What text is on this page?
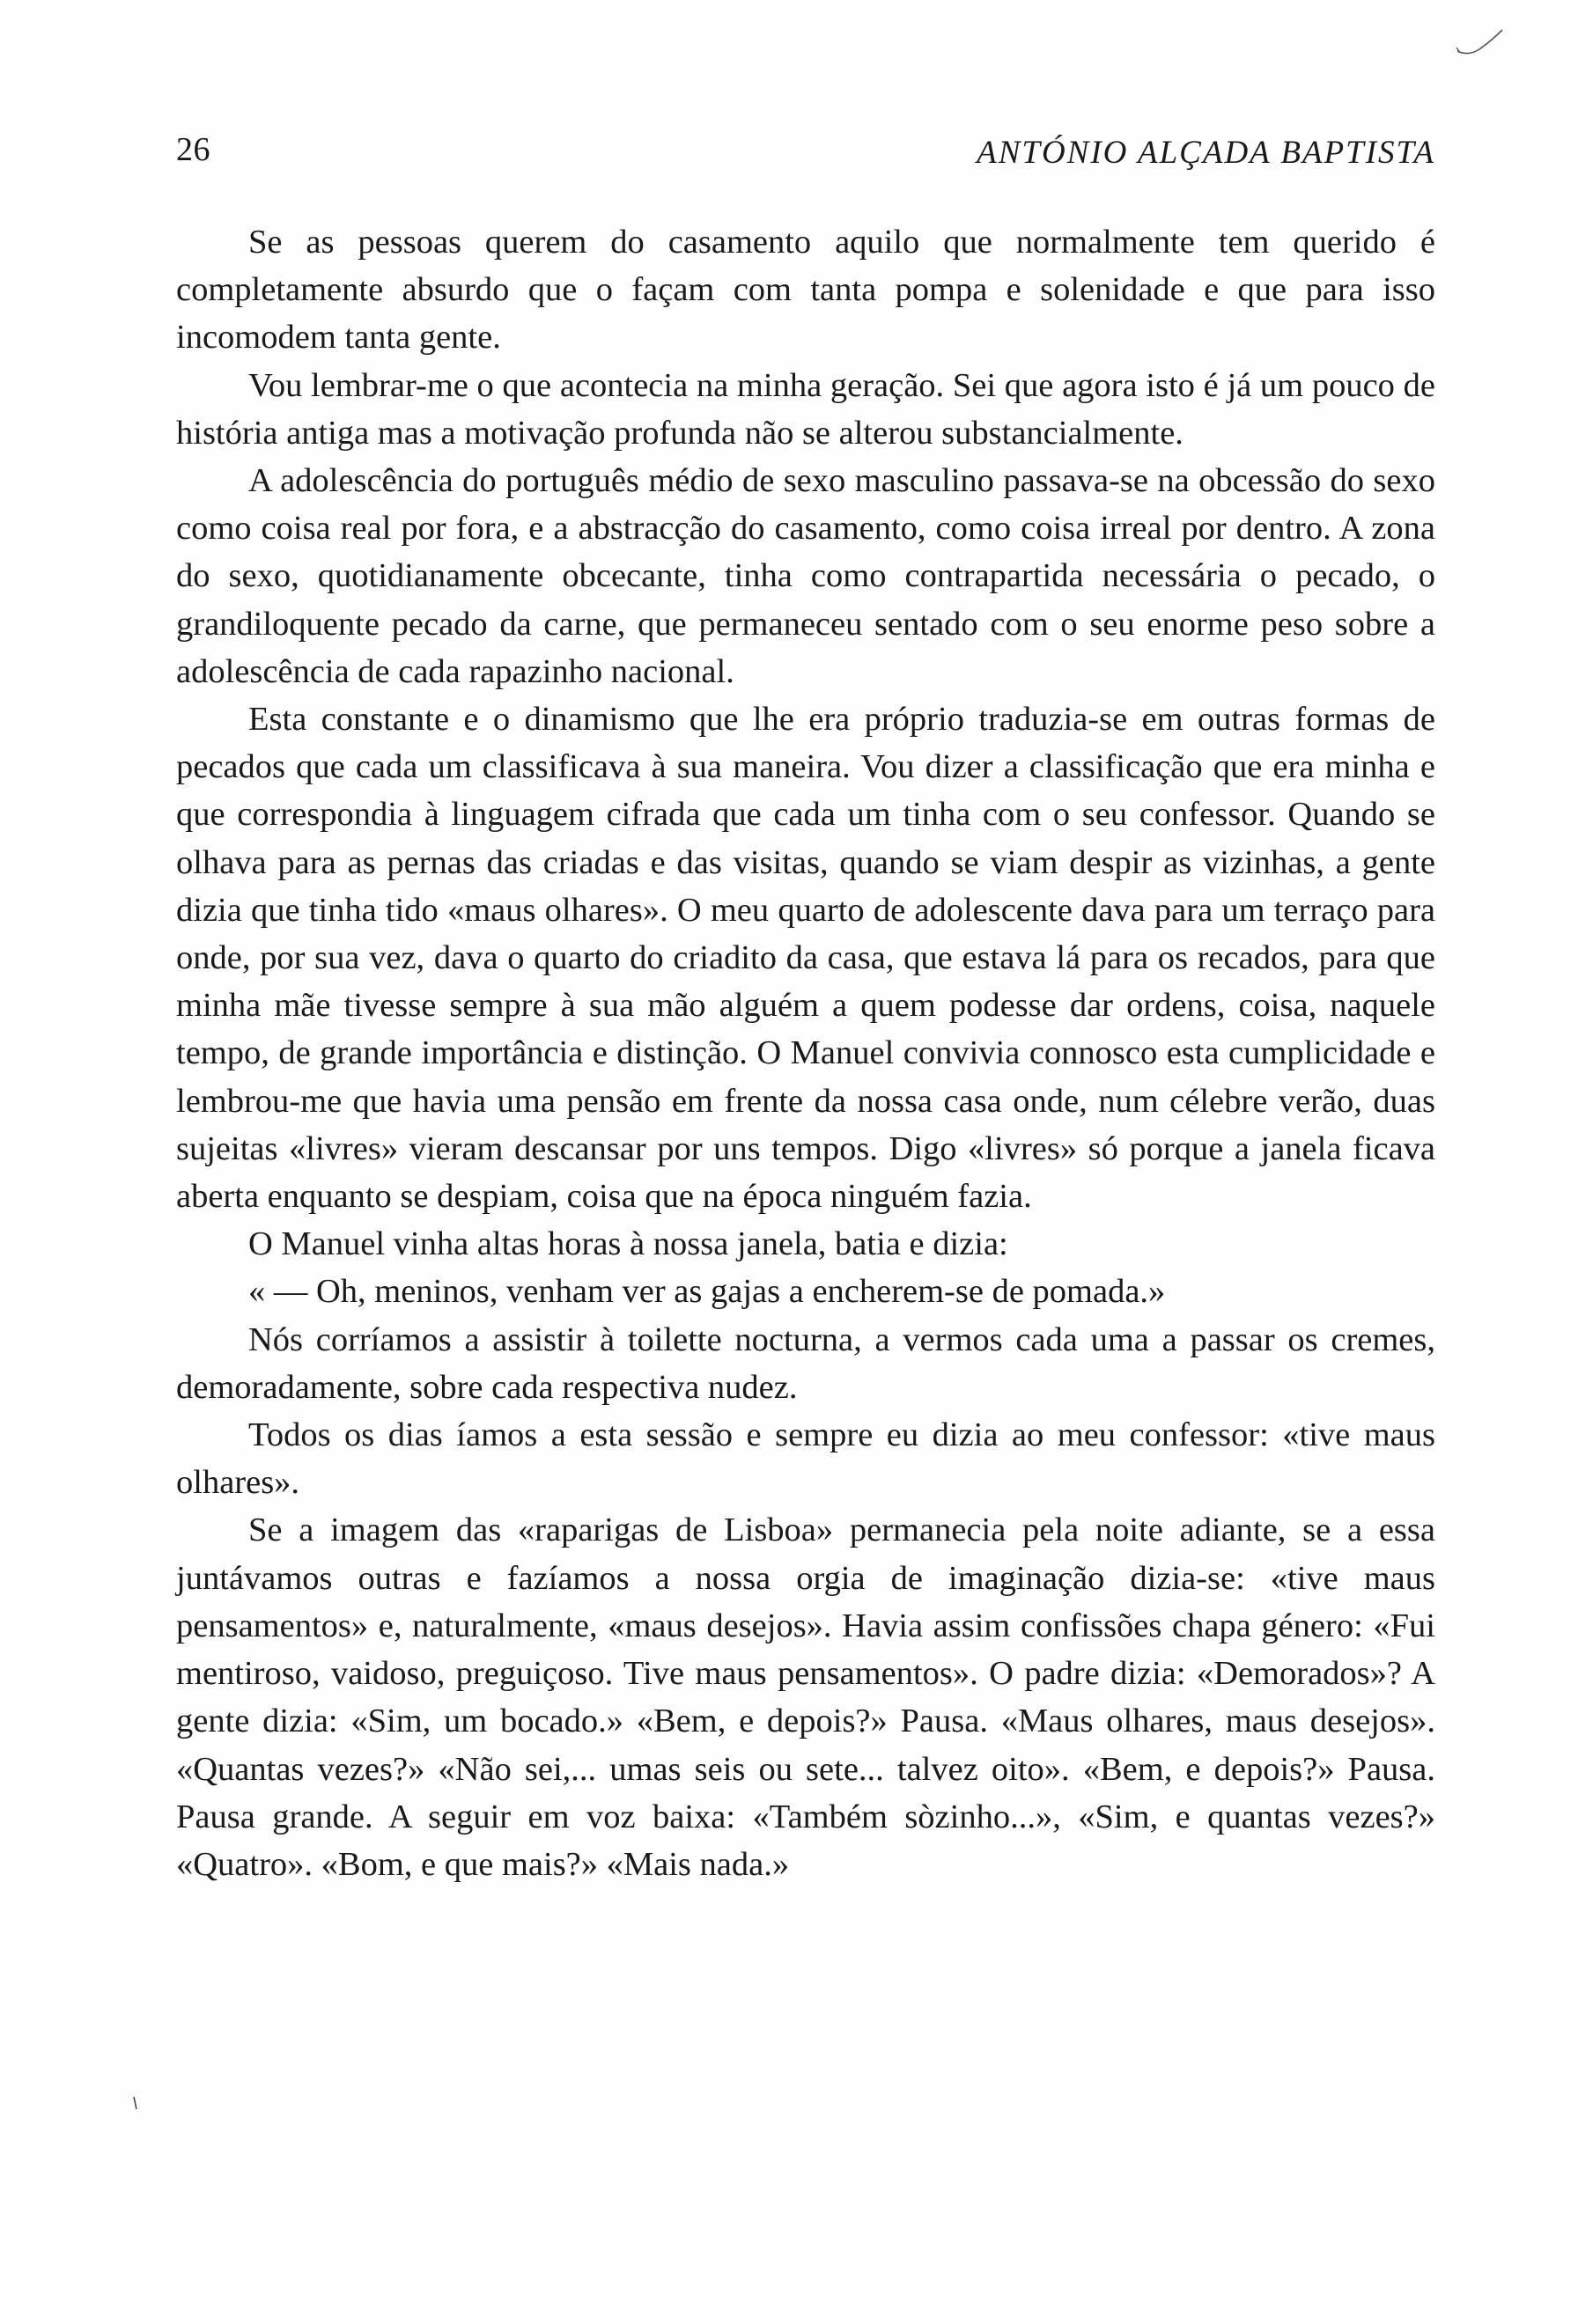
26	ANTÓNIO ALÇADA BAPTISTA

Se as pessoas querem do casamento aquilo que normalmente tem querido é completamente absurdo que o façam com tanta pompa e solenidade e que para isso incomodem tanta gente.

Vou lembrar-me o que acontecia na minha geração. Sei que agora isto é já um pouco de história antiga mas a motivação profunda não se alterou substancialmente.

A adolescência do português médio de sexo masculino passava-se na obcessão do sexo como coisa real por fora, e a abstracção do casamento, como coisa irreal por dentro. A zona do sexo, quotidianamente obcecante, tinha como contrapartida necessária o pecado, o grandiloquente pecado da carne, que permaneceu sentado com o seu enorme peso sobre a adolescência de cada rapazinho nacional.

Esta constante e o dinamismo que lhe era próprio traduzia-se em outras formas de pecados que cada um classificava à sua maneira. Vou dizer a classificação que era minha e que correspondia à linguagem cifrada que cada um tinha com o seu confessor. Quando se olhava para as pernas das criadas e das visitas, quando se viam despir as vizinhas, a gente dizia que tinha tido «maus olhares». O meu quarto de adolescente dava para um terraço para onde, por sua vez, dava o quarto do criadito da casa, que estava lá para os recados, para que minha mãe tivesse sempre à sua mão alguém a quem podesse dar ordens, coisa, naquele tempo, de grande importância e distinção. O Manuel convivia connosco esta cumplicidade e lembrou-me que havia uma pensão em frente da nossa casa onde, num célebre verão, duas sujeitas «livres» vieram descansar por uns tempos. Digo «livres» só porque a janela ficava aberta enquanto se despiam, coisa que na época ninguém fazia.

O Manuel vinha altas horas à nossa janela, batia e dizia:

« — Oh, meninos, venham ver as gajas a encherem-se de pomada.»

Nós corríamos a assistir à toilette nocturna, a vermos cada uma a passar os cremes, demoradamente, sobre cada respectiva nudez.

Todos os dias íamos a esta sessão e sempre eu dizia ao meu confessor: «tive maus olhares».

Se a imagem das «raparigas de Lisboa» permanecia pela noite adiante, se a essa juntávamos outras e fazíamos a nossa orgia de imaginação dizia-se: «tive maus pensamentos» e, naturalmente, «maus desejos». Havia assim confissões chapa género: «Fui mentiroso, vaidoso, preguiçoso. Tive maus pensamentos». O padre dizia: «Demorados»? A gente dizia: «Sim, um bocado.» «Bem, e depois?» Pausa. «Maus olhares, maus desejos». «Quantas vezes?» «Não sei,... umas seis ou sete... talvez oito». «Bem, e depois?» Pausa. Pausa grande. A seguir em voz baixa: «Também sòzinho...», «Sim, e quantas vezes?» «Quatro». «Bom, e que mais?» «Mais nada.»
